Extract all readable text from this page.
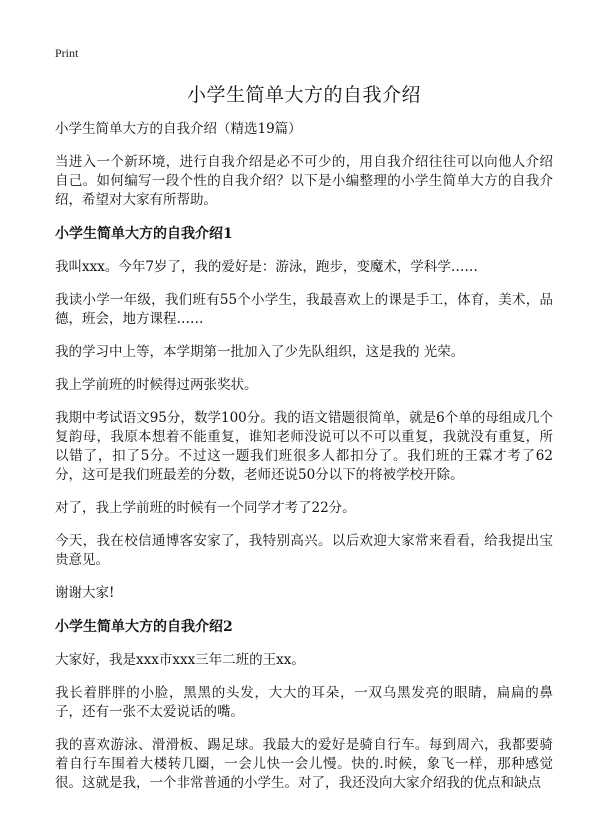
Print
小学生简单大方的自我介绍
小学生简单大方的自我介绍（精选19篇）

当进入一个新环境，进行自我介绍是必不可少的，用自我介绍往往可以向他人介绍自己。如何编写一段个性的自我介绍？以下是小编整理的小学生简单大方的自我介绍，希望对大家有所帮助。

小学生简单大方的自我介绍1

我叫xxx。今年7岁了，我的爱好是：游泳，跑步，变魔术，学科学……

我读小学一年级，我们班有55个小学生，我最喜欢上的课是手工，体育，美术，品德，班会，地方课程……

我的学习中上等，本学期第一批加入了少先队组织，这是我的 光荣。

我上学前班的时候得过两张奖状。

我期中考试语文95分，数学100分。我的语文错题很简单，就是6个单的母组成几个复韵母，我原本想着不能重复，谁知老师没说可以不可以重复，我就没有重复，所以错了，扣了5分。不过这一题我们班很多人都扣分了。我们班的王霖才考了62分，这可是我们班最差的分数，老师还说50分以下的将被学校开除。

对了，我上学前班的时候有一个同学才考了22分。

今天，我在校信通博客安家了，我特别高兴。以后欢迎大家常来看看，给我提出宝贵意见。

谢谢大家!

小学生简单大方的自我介绍2

大家好，我是xxx市xxx三年二班的王xx。

我长着胖胖的小脸，黑黑的头发，大大的耳朵，一双乌黑发亮的眼睛，扁扁的鼻子，还有一张不太爱说话的嘴。

我的喜欢游泳、滑滑板、踢足球。我最大的爱好是骑自行车。每到周六，我都要骑着自行车围着大楼转几圈，一会儿快一会儿慢。快的.时候，象飞一样，那种感觉很。这就是我，一个非常普通的小学生。对了，我还没向大家介绍我的优点和缺点
